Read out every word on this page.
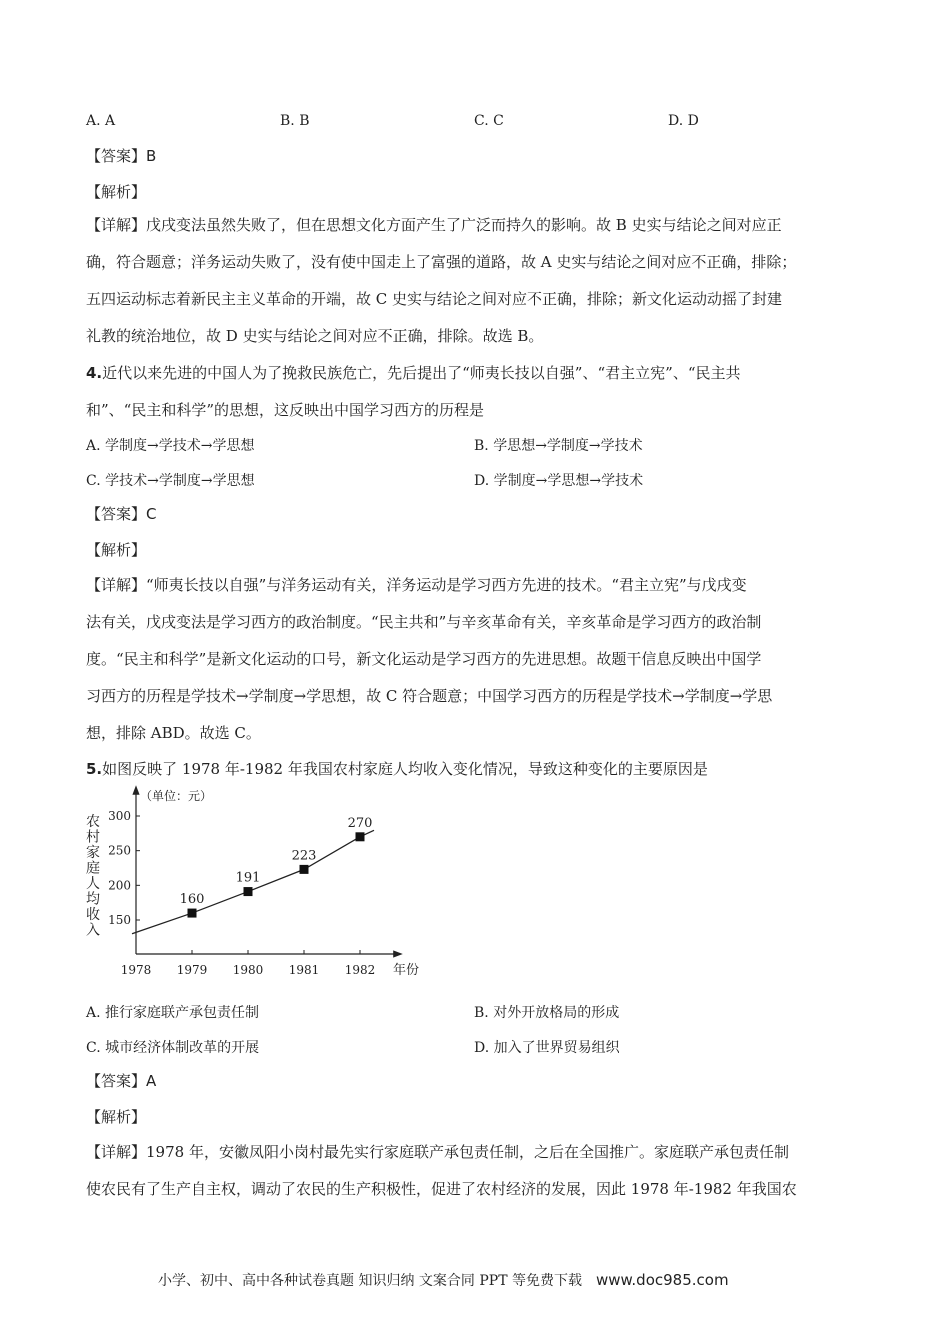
A. A	B. B	C. C	D. D
【答案】B
【解析】
【详解】戊戌变法虽然失败了，但在思想文化方面产生了广泛而持久的影响。故 B 史实与结论之间对应正
确，符合题意；洋务运动失败了，没有使中国走上了富强的道路，故 A 史实与结论之间对应不正确，排除；
五四运动标志着新民主主义革命的开端，故 C 史实与结论之间对应不正确，排除；新文化运动动摇了封建
礼教的统治地位，故 D 史实与结论之间对应不正确，排除。故选 B。
4.近代以来先进的中国人为了挽救民族危亡，先后提出了“师夷长技以自强”、“君主立宪”、“民主共
和”、“民主和科学”的思想，这反映出中国学习西方的历程是
A. 学制度→学技术→学思想	B. 学思想→学制度→学技术
C. 学技术→学制度→学思想	D. 学制度→学思想→学技术
【答案】C
【解析】
【详解】“师夷长技以自强”与洋务运动有关，洋务运动是学习西方先进的技术。“君主立宪”与戊戌变
法有关，戊戌变法是学习西方的政治制度。“民主共和”与辛亥革命有关，辛亥革命是学习西方的政治制
度。“民主和科学”是新文化运动的口号，新文化运动是学习西方的先进思想。故题干信息反映出中国学
习西方的历程是学技术→学制度→学思想，故 C 符合题意；中国学习西方的历程是学技术→学制度→学思
想，排除 ABD。故选 C。
5.如图反映了 1978 年-1982 年我国农村家庭人均收入变化情况，导致这种变化的主要原因是
（单位：元）
年份
农
村
家
庭
人
均
收
入
150
200
250
300
1978 1979 1980 1981 1982
160
191
223
270
A. 推行家庭联产承包责任制	B. 对外开放格局的形成
C. 城市经济体制改革的开展	D. 加入了世界贸易组织
【答案】A
【解析】
【详解】1978 年，安徽凤阳小岗村最先实行家庭联产承包责任制，之后在全国推广。家庭联产承包责任制
使农民有了生产自主权，调动了农民的生产积极性，促进了农村经济的发展，因此 1978 年-1982 年我国农
小学、初中、高中各种试卷真题 知识归纳 文案合同 PPT 等免费下载 www.doc985.com
